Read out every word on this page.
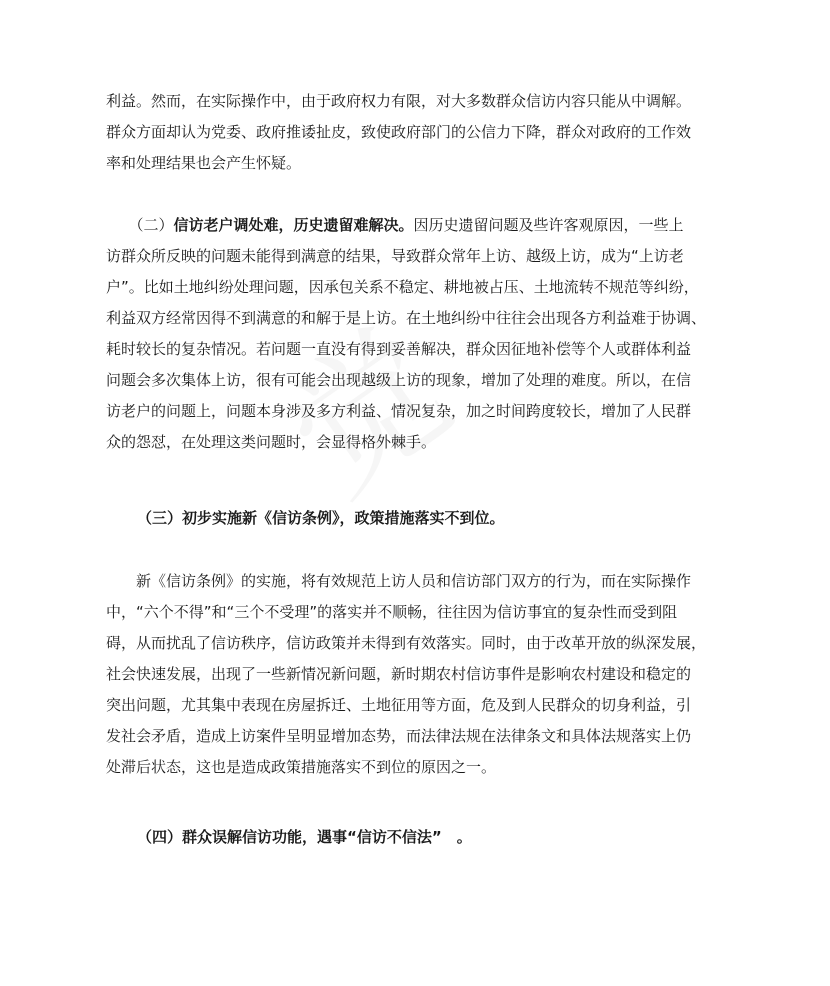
利益。然而，在实际操作中，由于政府权力有限，对大多数群众信访内容只能从中调解。
群众方面却认为党委、政府推诿扯皮，致使政府部门的公信力下降，群众对政府的工作效
率和处理结果也会产生怀疑。
　　（二）信访老户调处难，历史遗留难解决。因历史遗留问题及些许客观原因，一些上
访群众所反映的问题未能得到满意的结果，导致群众常年上访、越级上访，成为“上访老
户”。比如土地纠纷处理问题，因承包关系不稳定、耕地被占压、土地流转不规范等纠纷，
利益双方经常因得不到满意的和解于是上访。在土地纠纷中往往会出现各方利益难于协调、
耗时较长的复杂情况。若问题一直没有得到妥善解决，群众因征地补偿等个人或群体利益
问题会多次集体上访，很有可能会出现越级上访的现象，增加了处理的难度。所以，在信
访老户的问题上，问题本身涉及多方利益、情况复杂，加之时间跨度较长，增加了人民群
众的怨怼，在处理这类问题时，会显得格外棘手。
（三）初步实施新《信访条例》，政策措施落实不到位。
　　新《信访条例》的实施，将有效规范上访人员和信访部门双方的行为，而在实际操作
中，“六个不得”和“三个不受理”的落实并不顺畅，往往因为信访事宜的复杂性而受到阻
碍，从而扰乱了信访秩序，信访政策并未得到有效落实。同时，由于改革开放的纵深发展，
社会快速发展，出现了一些新情况新问题，新时期农村信访事件是影响农村建设和稳定的
突出问题，尤其集中表现在房屋拆迁、土地征用等方面，危及到人民群众的切身利益，引
发社会矛盾，造成上访案件呈明显增加态势，而法律法规在法律条文和具体法规落实上仍
处滞后状态，这也是造成政策措施落实不到位的原因之一。
（四）群众误解信访功能，遇事“信访不信法”　。
